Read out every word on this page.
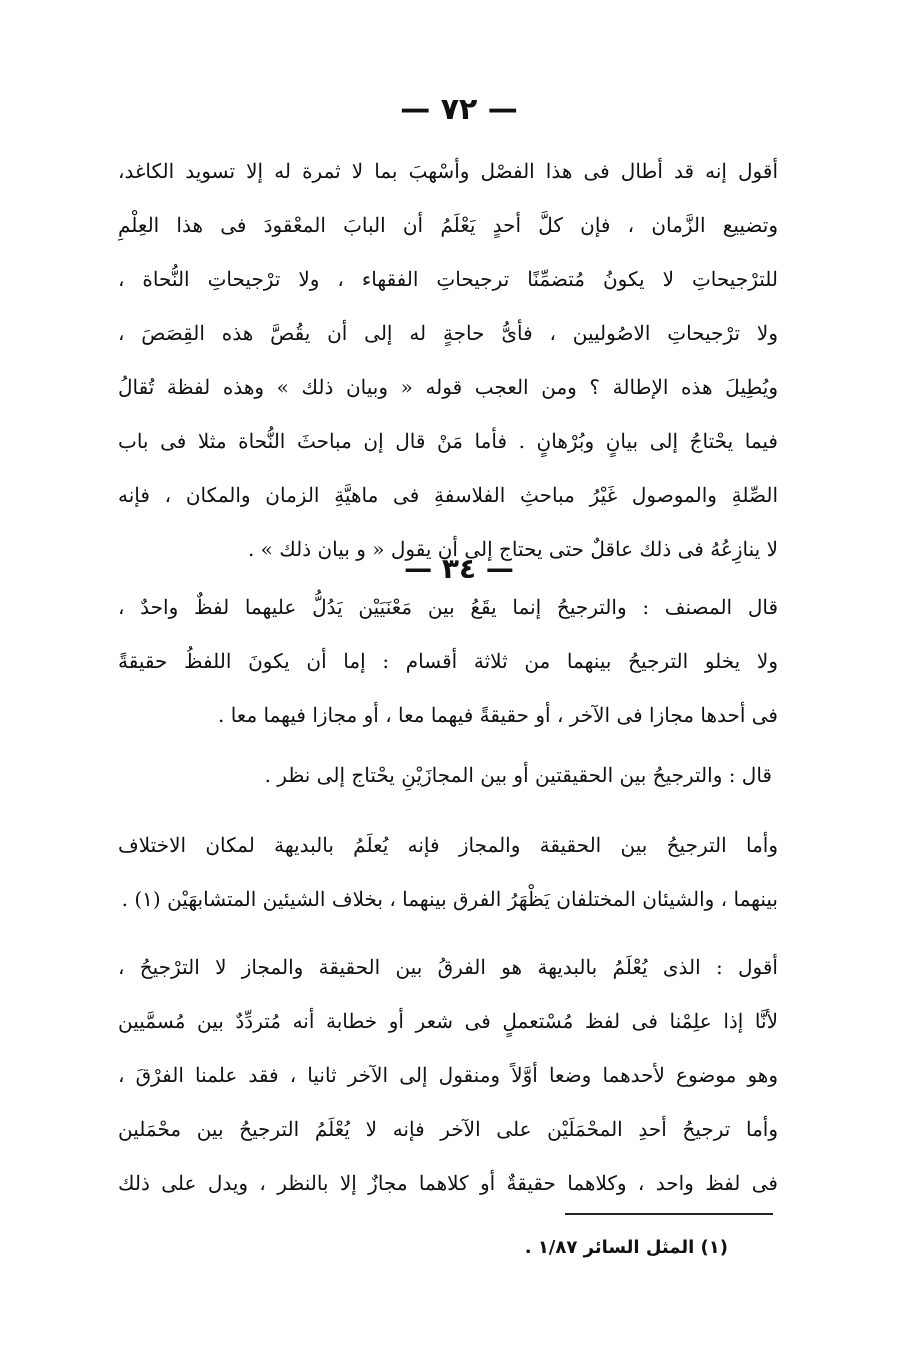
— ٧٢ —
أقول إنه قد أطال فى هذا الفصْل وأسْهبَ بما لا ثمرة له إلا تسويد الكاغد،
وتضييع الزَّمان ، فإن كلَّ أحدٍ يَعْلَمُ أن البابَ المعْقودَ فى هذا العِلْمِ
للترْجيحاتِ لا يكونُ مُتضمِّنًا ترجيحاتِ الفقهاء ، ولا ترْجيحاتِ النُّحاة ،
ولا ترْجيحاتِ الاصُوليين ، فأىُّ حاجةٍ له إلى أن يقُصَّ هذه القِصَصَ ،
ويُطِيلَ هذه الإطالة ؟ ومن العجب قوله « وبيان ذلك » وهذه لفظة تُقالُ
فيما يحْتاجُ إلى بيانٍ وبُرْهانٍ . فأما مَنْ قال إن مباحثَ النُّحاة مثلا فى باب
الصِّلةِ والموصول غَيْرُ مباحثِ الفلاسفةِ فى ماهيَّةِ الزمان والمكان ، فإنه
لا ينازِعُهُ فى ذلك عاقلٌ حتى يحتاج إلى أن يقول « و بيان ذلك » .
— ٣٤ —
قال المصنف : والترجيحُ إنما يقَعُ بين مَعْنَيَيْن يَدُلُّ عليهما لفظٌ واحدٌ ،
ولا يخلو الترجيحُ بينهما من ثلاثة أقسام : إما أن يكونَ اللفظُ حقيقةً
فى أحدها مجازا فى الآخر ، أو حقيقةً فيهما معا ، أو مجازا فيهما معا .
قال : والترجيحُ بين الحقيقتين أو بين المجازَيْنِ يحْتاج إلى نظر .
وأما الترجيحُ بين الحقيقة والمجاز فإنه يُعلَمُ بالبديهة لمكان الاختلاف
بينهما ، والشيئان المختلفان يَظْهَرُ الفرق بينهما ، بخلاف الشيئين المتشابهَيْن (١) .
أقول : الذى يُعْلَمُ بالبديهة هو الفرقُ بين الحقيقة والمجاز لا الترْجيحُ ،
لأنَّا إذا علِمْنا فى لفظ مُسْتعملٍ فى شعر أو خطابة أنه مُتردِّدٌ بين مُسمَّيين
وهو موضوع لأحدهما وضعا أوَّلاً ومنقول إلى الآخر ثانيا ، فقد علمنا الفرْقَ ،
وأما ترجيحُ أحدِ المحْمَلَيْن على الآخر فإنه لا يُعْلَمُ الترجيحُ بين محْمَلين
فى لفظ واحد ، وكلاهما حقيقةٌ أو كلاهما مجازٌ إلا بالنظر ، ويدل على ذلك
(١) المثل السائر ١/٨٧ .
